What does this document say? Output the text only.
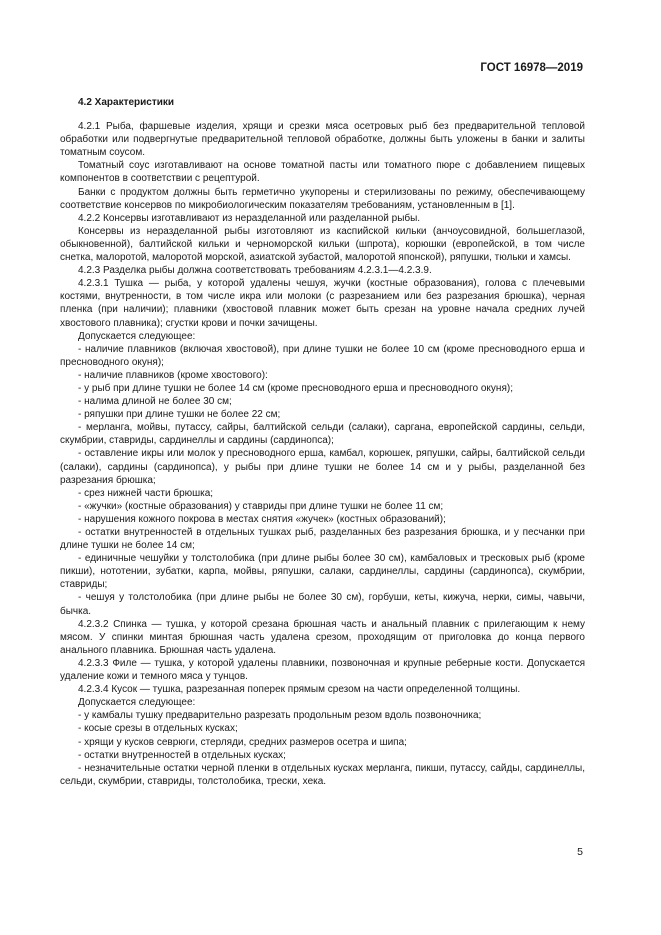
ГОСТ 16978—2019
4.2 Характеристики

4.2.1 Рыба, фаршевые изделия, хрящи и срезки мяса осетровых рыб без предварительной тепловой обработки или подвергнутые предварительной тепловой обработке, должны быть уложены в банки и залиты томатным соусом.

Томатный соус изготавливают на основе томатной пасты или томатного пюре с добавлением пищевых компонентов в соответствии с рецептурой.

Банки с продуктом должны быть герметично укупорены и стерилизованы по режиму, обеспечивающему соответствие консервов по микробиологическим показателям требованиям, установленным в [1].

4.2.2 Консервы изготавливают из неразделанной или разделанной рыбы.

Консервы из неразделанной рыбы изготовляют из каспийской кильки (анчоусовидной, большеглазой, обыкновенной), балтийской кильки и черноморской кильки (шпрота), корюшки (европейской, в том числе снетка, малоротой, малоротой морской, азиатской зубастой, малоротой японской), ряпушки, тюльки и хамсы.

4.2.3 Разделка рыбы должна соответствовать требованиям 4.2.3.1—4.2.3.9.

4.2.3.1 Тушка — рыба, у которой удалены чешуя, жучки (костные образования), голова с плечевыми костями, внутренности, в том числе икра или молоки (с разрезанием или без разрезания брюшка), черная пленка (при наличии); плавники (хвостовой плавник может быть срезан на уровне начала средних лучей хвостового плавника); сгустки крови и почки зачищены.

Допускается следующее:

- наличие плавников (включая хвостовой), при длине тушки не более 10 см (кроме пресноводного ерша и пресноводного окуня);

- наличие плавников (кроме хвостового):

- у рыб при длине тушки не более 14 см (кроме пресноводного ерша и пресноводного окуня);

- налима длиной не более 30 см;

- ряпушки при длине тушки не более 22 см;

- мерланга, мойвы, путассу, сайры, балтийской сельди (салаки), саргана, европейской сардины, сельди, скумбрии, ставриды, сардинеллы и сардины (сардинопса);

- оставление икры или молок у пресноводного ерша, камбал, корюшек, ряпушки, сайры, балтийской сельди (салаки), сардины (сардинопса), у рыбы при длине тушки не более 14 см и у рыбы, разделанной без разрезания брюшка;

- срез нижней части брюшка;

- «жучки» (костные образования) у ставриды при длине тушки не более 11 см;

- нарушения кожного покрова в местах снятия «жучек» (костных образований);

- остатки внутренностей в отдельных тушках рыб, разделанных без разрезания брюшка, и у песчанки при длине тушки не более 14 см;

- единичные чешуйки у толстолобика (при длине рыбы более 30 см), камбаловых и тресковых рыб (кроме пикши), нототении, зубатки, карпа, мойвы, ряпушки, салаки, сардинеллы, сардины (сардинопса), скумбрии, ставриды;

- чешуя у толстолобика (при длине рыбы не более 30 см), горбуши, кеты, кижуча, нерки, симы, чавычи, бычка.

4.2.3.2 Спинка — тушка, у которой срезана брюшная часть и анальный плавник с прилегающим к нему мясом. У спинки минтая брюшная часть удалена срезом, проходящим от приголовка до конца первого анального плавника. Брюшная часть удалена.

4.2.3.3 Филе — тушка, у которой удалены плавники, позвоночная и крупные реберные кости. Допускается удаление кожи и темного мяса у тунцов.

4.2.3.4 Кусок — тушка, разрезанная поперек прямым срезом на части определенной толщины.

Допускается следующее:

- у камбалы тушку предварительно разрезать продольным резом вдоль позвоночника;

- косые срезы в отдельных кусках;

- хрящи у кусков севрюги, стерляди, средних размеров осетра и шипа;

- остатки внутренностей в отдельных кусках;

- незначительные остатки черной пленки в отдельных кусках мерланга, пикши, путассу, сайды, сардинеллы, сельди, скумбрии, ставриды, толстолобика, трески, хека.

5
